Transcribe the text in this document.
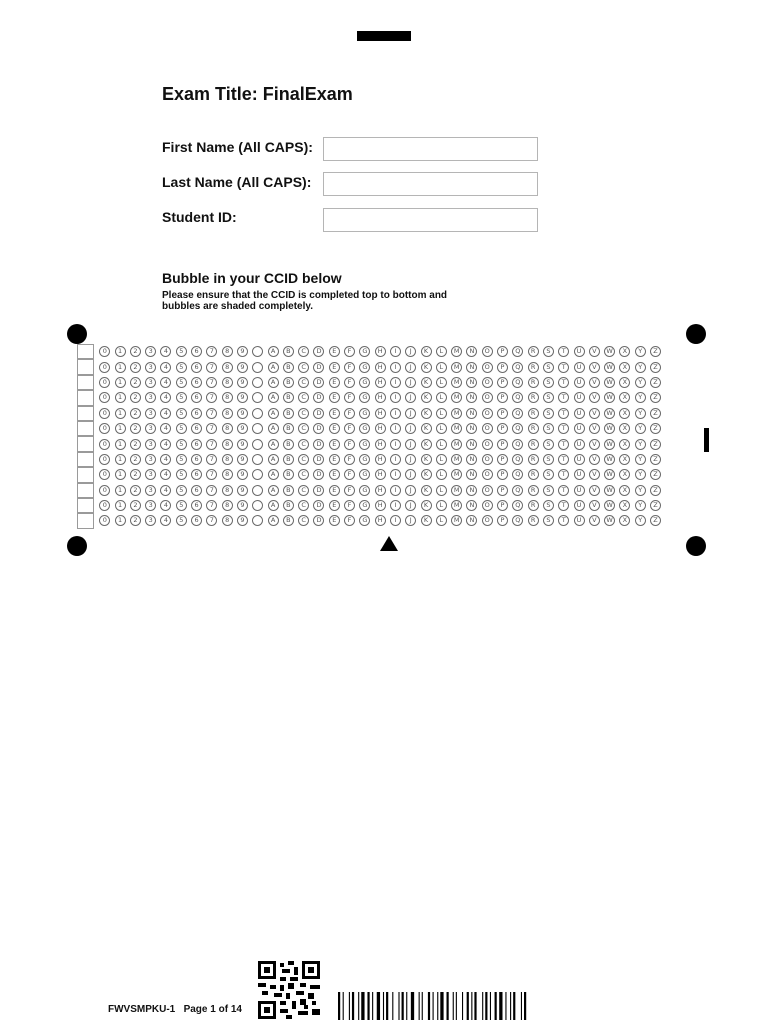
Exam Title: FinalExam
First Name (All CAPS):
Last Name (All CAPS):
Student ID:
Bubble in your CCID below
Please ensure that the CCID is completed top to bottom and bubbles are shaded completely.
0	1	2	3	4	5	6	7	8	9	A	B	C	D	E	F	G	H	I	J	K	L	M	N	O	P	Q	R	S	T	U	V	W	X	Y	Z
0	1	2	3	4	5	6	7	8	9	A	B	C	D	E	F	G	H	I	J	K	L	M	N	O	P	Q	R	S	T	U	V	W	X	Y	Z
0	1	2	3	4	5	6	7	8	9	A	B	C	D	E	F	G	H	I	J	K	L	M	N	O	P	Q	R	S	T	U	V	W	X	Y	Z
0	1	2	3	4	5	6	7	8	9	A	B	C	D	E	F	G	H	I	J	K	L	M	N	O	P	Q	R	S	T	U	V	W	X	Y	Z
0	1	2	3	4	5	6	7	8	9	A	B	C	D	E	F	G	H	I	J	K	L	M	N	O	P	Q	R	S	T	U	V	W	X	Y	Z
0	1	2	3	4	5	6	7	8	9	A	B	C	D	E	F	G	H	I	J	K	L	M	N	O	P	Q	R	S	T	U	V	W	X	Y	Z
0	1	2	3	4	5	6	7	8	9	A	B	C	D	E	F	G	H	I	J	K	L	M	N	O	P	Q	R	S	T	U	V	W	X	Y	Z
0	1	2	3	4	5	6	7	8	9	A	B	C	D	E	F	G	H	I	J	K	L	M	N	O	P	Q	R	S	T	U	V	W	X	Y	Z
0	1	2	3	4	5	6	7	8	9	A	B	C	D	E	F	G	H	I	J	K	L	M	N	O	P	Q	R	S	T	U	V	W	X	Y	Z
0	1	2	3	4	5	6	7	8	9	A	B	C	D	E	F	G	H	I	J	K	L	M	N	O	P	Q	R	S	T	U	V	W	X	Y	Z
0	1	2	3	4	5	6	7	8	9	A	B	C	D	E	F	G	H	I	J	K	L	M	N	O	P	Q	R	S	T	U	V	W	X	Y	Z
0	1	2	3	4	5	6	7	8	9	A	B	C	D	E	F	G	H	I	J	K	L	M	N	O	P	Q	R	S	T	U	V	W	X	Y	Z
FWVSMPKU-1 Page 1 of 14
